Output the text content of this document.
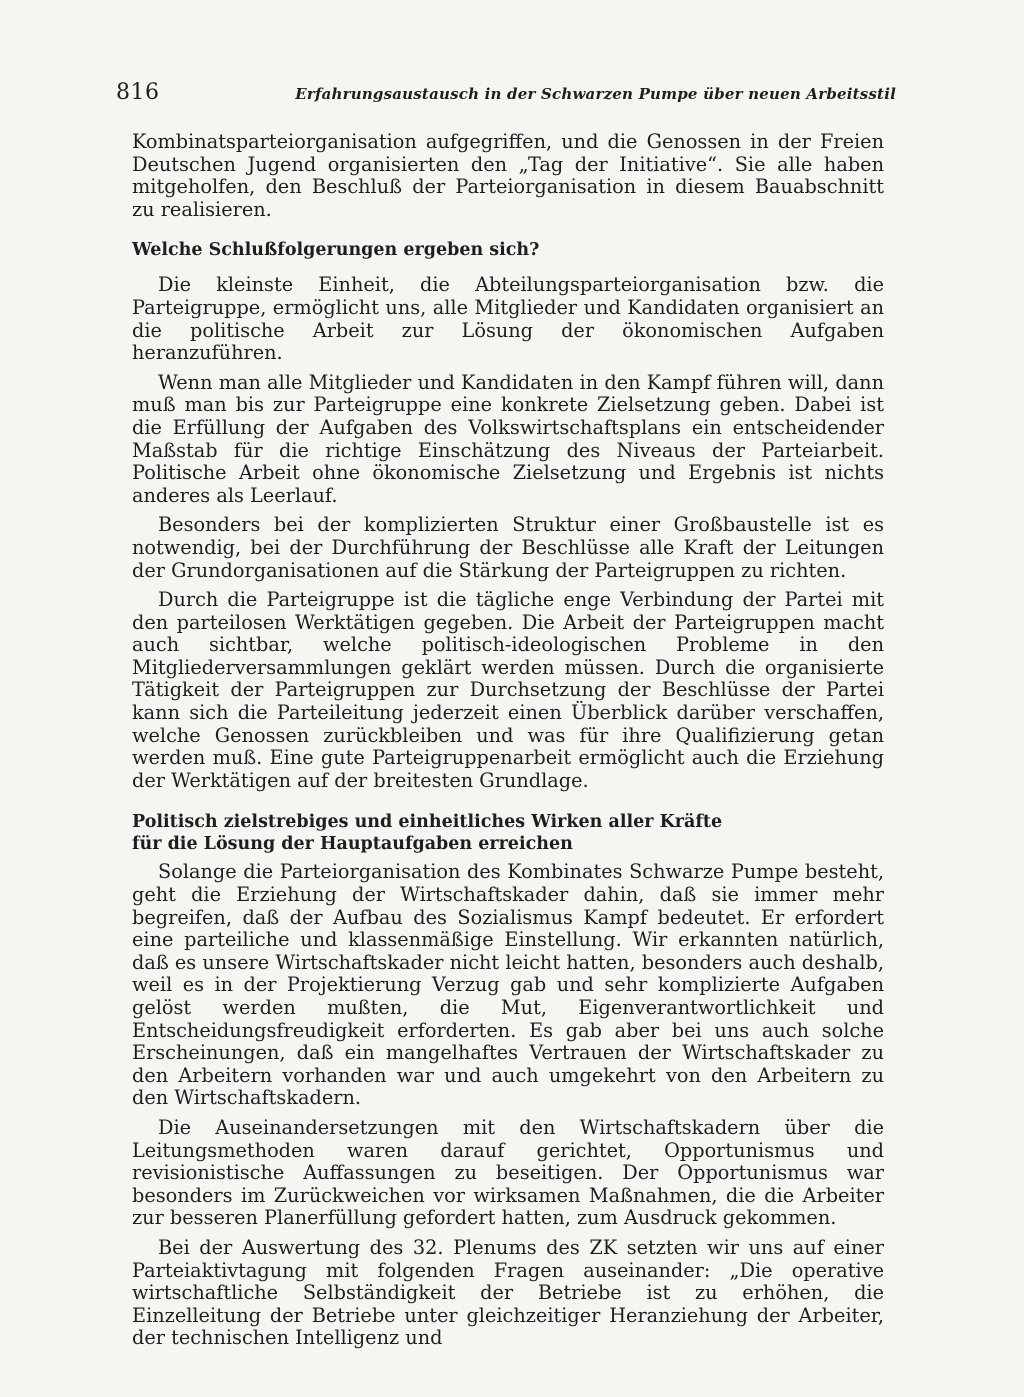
816	Erfahrungsaustausch in der Schwarzen Pumpe über neuen Arbeitsstil

Kombinatsparteiorganisation aufgegriffen, und die Genossen in der Freien Deutschen Jugend organisierten den „Tag der Initiative“. Sie alle haben mitgeholfen, den Beschluß der Parteiorganisation in diesem Bauabschnitt zu realisieren.

Welche Schlußfolgerungen ergeben sich?

Die kleinste Einheit, die Abteilungsparteiorganisation bzw. die Parteigruppe, ermöglicht uns, alle Mitglieder und Kandidaten organisiert an die politische Arbeit zur Lösung der ökonomischen Aufgaben heranzuführen.

Wenn man alle Mitglieder und Kandidaten in den Kampf führen will, dann muß man bis zur Parteigruppe eine konkrete Zielsetzung geben. Dabei ist die Erfüllung der Aufgaben des Volkswirtschaftsplans ein entscheidender Maßstab für die richtige Einschätzung des Niveaus der Parteiarbeit. Politische Arbeit ohne ökonomische Zielsetzung und Ergebnis ist nichts anderes als Leerlauf.

Besonders bei der komplizierten Struktur einer Großbaustelle ist es notwendig, bei der Durchführung der Beschlüsse alle Kraft der Leitungen der Grundorganisationen auf die Stärkung der Parteigruppen zu richten.

Durch die Parteigruppe ist die tägliche enge Verbindung der Partei mit den parteilosen Werktätigen gegeben. Die Arbeit der Parteigruppen macht auch sichtbar, welche politisch-ideologischen Probleme in den Mitgliederversammlungen geklärt werden müssen. Durch die organisierte Tätigkeit der Parteigruppen zur Durchsetzung der Beschlüsse der Partei kann sich die Parteileitung jederzeit einen Überblick darüber verschaffen, welche Genossen zurückbleiben und was für ihre Qualifizierung getan werden muß. Eine gute Parteigruppenarbeit ermöglicht auch die Erziehung der Werktätigen auf der breitesten Grundlage.

Politisch zielstrebiges und einheitliches Wirken aller Kräfte
für die Lösung der Hauptaufgaben erreichen

Solange die Parteiorganisation des Kombinates Schwarze Pumpe besteht, geht die Erziehung der Wirtschaftskader dahin, daß sie immer mehr begreifen, daß der Aufbau des Sozialismus Kampf bedeutet. Er erfordert eine parteiliche und klassenmäßige Einstellung. Wir erkannten natürlich, daß es unsere Wirtschaftskader nicht leicht hatten, besonders auch deshalb, weil es in der Projektierung Verzug gab und sehr komplizierte Aufgaben gelöst werden mußten, die Mut, Eigenverantwortlichkeit und Entscheidungsfreudigkeit erforderten. Es gab aber bei uns auch solche Erscheinungen, daß ein mangelhaftes Vertrauen der Wirtschaftskader zu den Arbeitern vorhanden war und auch umgekehrt von den Arbeitern zu den Wirtschaftskadern.

Die Auseinandersetzungen mit den Wirtschaftskadern über die Leitungsmethoden waren darauf gerichtet, Opportunismus und revisionistische Auffassungen zu beseitigen. Der Opportunismus war besonders im Zurückweichen vor wirksamen Maßnahmen, die die Arbeiter zur besseren Planerfüllung gefordert hatten, zum Ausdruck gekommen.

Bei der Auswertung des 32. Plenums des ZK setzten wir uns auf einer Parteiaktivtagung mit folgenden Fragen auseinander: „Die operative wirtschaftliche Selbständigkeit der Betriebe ist zu erhöhen, die Einzelleitung der Betriebe unter gleichzeitiger Heranziehung der Arbeiter, der technischen Intelligenz und
